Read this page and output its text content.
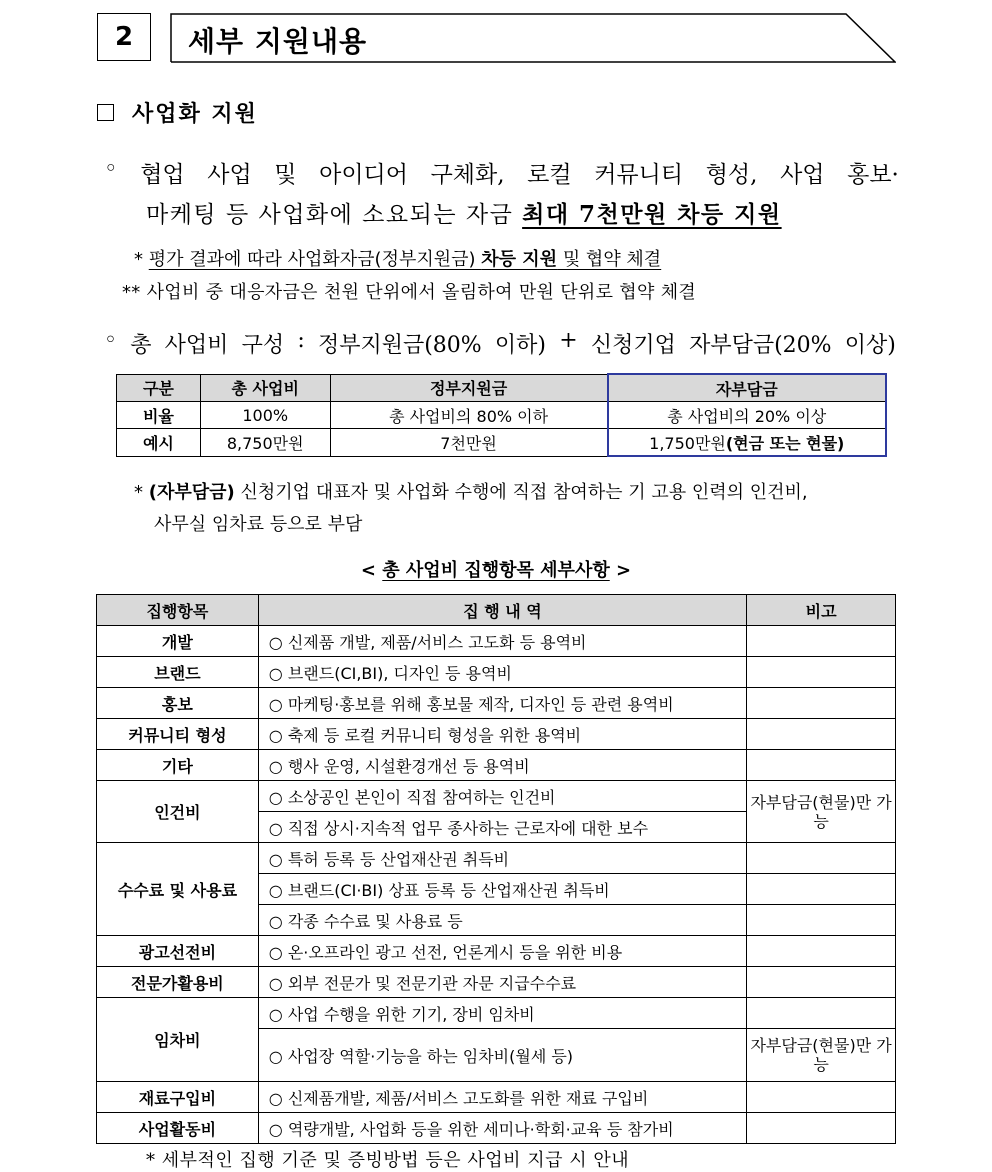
2	세부 지원내용
사업화 지원
◦ 협업 사업 및 아이디어 구체화, 로컬 커뮤니티 형성, 사업 홍보·
마케팅 등 사업화에 소요되는 자금 최대 7천만원 차등 지원
* 평가 결과에 따라 사업화자금(정부지원금) 차등 지원 및 협약 체결
** 사업비 중 대응자금은 천원 단위에서 올림하여 만원 단위로 협약 체결
◦ 총 사업비 구성 : 정부지원금(80% 이하) + 신청기업 자부담금(20% 이상)
구분	총 사업비	정부지원금	자부담금
비율	100%	총 사업비의 80% 이하	총 사업비의 20% 이상
예시	8,750만원	7천만원	1,750만원(현금 또는 현물)
* (자부담금) 신청기업 대표자 및 사업화 수행에 직접 참여하는 기 고용 인력의 인건비,
사무실 임차료 등으로 부담
< 총 사업비 집행항목 세부사항 >
집행항목	집 행 내 역	비고
개발	○ 신제품 개발, 제품/서비스 고도화 등 용역비	
브랜드	○ 브랜드(CI,BI), 디자인 등 용역비	
홍보	○ 마케팅·홍보를 위해 홍보물 제작, 디자인 등 관련 용역비	
커뮤니티 형성	○ 축제 등 로컬 커뮤니티 형성을 위한 용역비	
기타	○ 행사 운영, 시설환경개선 등 용역비	
인건비	○ 소상공인 본인이 직접 참여하는 인건비	자부담금(현물)만 가능
	○ 직접 상시·지속적 업무 종사하는 근로자에 대한 보수	
수수료 및 사용료	○ 특허 등록 등 산업재산권 취득비	
	○ 브랜드(CI·BI) 상표 등록 등 산업재산권 취득비	
	○ 각종 수수료 및 사용료 등	
광고선전비	○ 온·오프라인 광고 선전, 언론게시 등을 위한 비용	
전문가활용비	○ 외부 전문가 및 전문기관 자문 지급수수료	
임차비	○ 사업 수행을 위한 기기, 장비 임차비	
	○ 사업장 역할·기능을 하는 임차비(월세 등)	자부담금(현물)만 가능
재료구입비	○ 신제품개발, 제품/서비스 고도화를 위한 재료 구입비	
사업활동비	○ 역량개발, 사업화 등을 위한 세미나·학회·교육 등 참가비	
* 세부적인 집행 기준 및 증빙방법 등은 사업비 지급 시 안내
